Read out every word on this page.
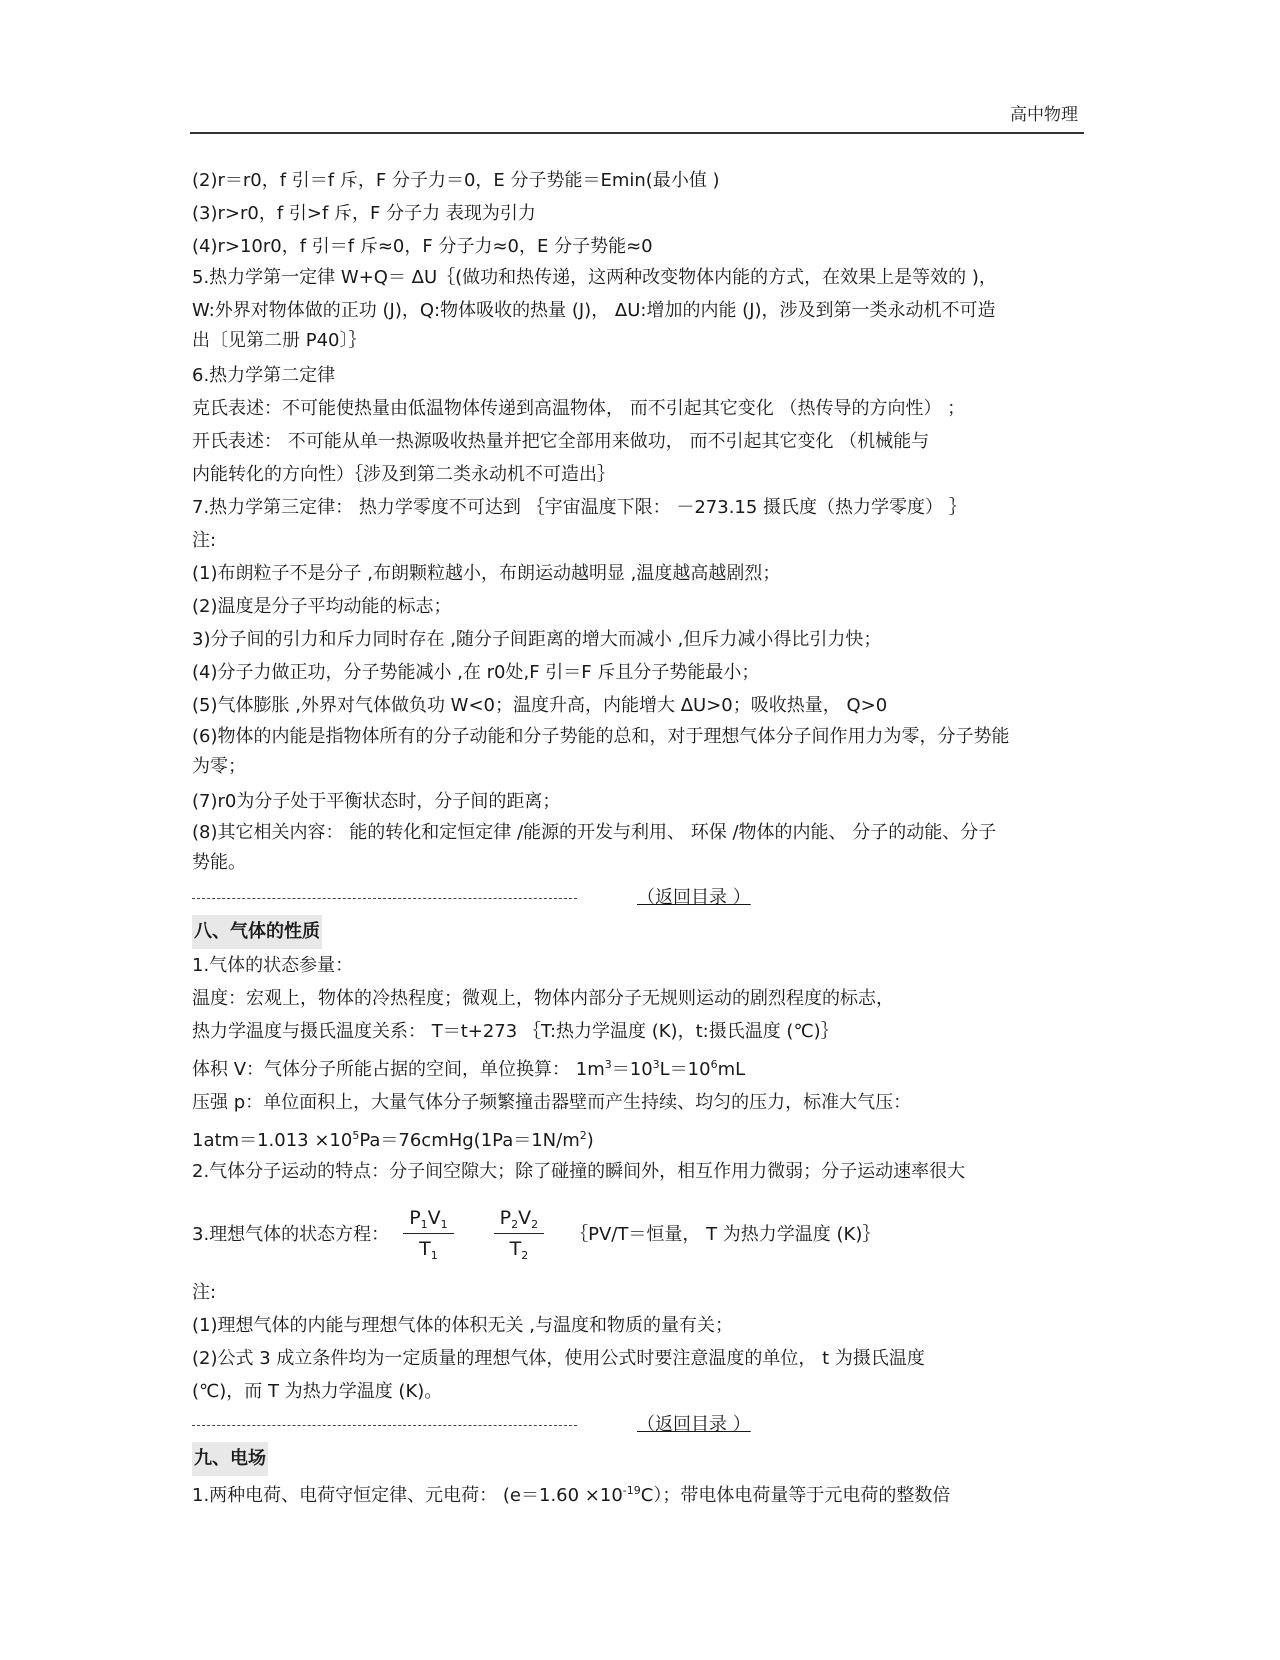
高中物理
(2)r＝r0，f 引＝f 斥，F 分子力＝0，E 分子势能＝Emin(最小值 )
(3)r>r0，f 引>f 斥，F 分子力 表现为引力
(4)r>10r0，f 引＝f 斥≈0，F 分子力≈0，E 分子势能≈0
5.热力学第一定律 W+Q＝ ΔU｛(做功和热传递，这两种改变物体内能的方式，在效果上是等效的 )，
W:外界对物体做的正功 (J)，Q:物体吸收的热量 (J)， ΔU:增加的内能 (J)，涉及到第一类永动机不可造出〔见第二册 P40〕｝
6.热力学第二定律
克氏表述：不可能使热量由低温物体传递到高温物体， 而不引起其它变化 （热传导的方向性） ；
开氏表述： 不可能从单一热源吸收热量并把它全部用来做功， 而不引起其它变化 （机械能与
内能转化的方向性）｛涉及到第二类永动机不可造出｝
7.热力学第三定律： 热力学零度不可达到 ｛宇宙温度下限： －273.15 摄氏度（热力学零度） ｝
注:
(1)布朗粒子不是分子 ,布朗颗粒越小，布朗运动越明显 ,温度越高越剧烈；
(2)温度是分子平均动能的标志；
3)分子间的引力和斥力同时存在 ,随分子间距离的增大而减小 ,但斥力减小得比引力快；
(4)分子力做正功，分子势能减小 ,在 r0处,F 引＝F 斥且分子势能最小；
(5)气体膨胀 ,外界对气体做负功 W<0；温度升高，内能增大 ΔU>0；吸收热量， Q>0
(6)物体的内能是指物体所有的分子动能和分子势能的总和，对于理想气体分子间作用力为零，分子势能为零；
(7)r0为分子处于平衡状态时，分子间的距离；
(8)其它相关内容： 能的转化和定恒定律 /能源的开发与利用、 环保 /物体的内能、 分子的动能、分子势能。
（返回目录 ）
八、气体的性质
1.气体的状态参量：
温度：宏观上，物体的冷热程度；微观上，物体内部分子无规则运动的剧烈程度的标志，
热力学温度与摄氏温度关系： T＝t+273 ｛T:热力学温度 (K)，t:摄氏温度 (℃)｝
体积 V：气体分子所能占据的空间，单位换算： $1m^3=10^3L=10^6mL$
压强 p：单位面积上，大量气体分子频繁撞击器壁而产生持续、均匀的压力，标准大气压：
$1atm=1.013 \times 10^5Pa=76cmHg(1Pa=1N/m^2)$
2.气体分子运动的特点：分子间空隙大；除了碰撞的瞬间外，相互作用力微弱；分子运动速率很大
3.理想气体的状态方程： $\frac{P_1V_1}{T_1} \frac{P_2V_2}{T_2}$ ｛PV/T＝恒量， T 为热力学温度 (K)｝
注:
(1)理想气体的内能与理想气体的体积无关 ,与温度和物质的量有关；
(2)公式 3 成立条件均为一定质量的理想气体，使用公式时要注意温度的单位， t 为摄氏温度
(℃)，而 T 为热力学温度 (K)。
（返回目录 ）
九、电场
1.两种电荷、电荷守恒定律、元电荷： $(e=1.60 \times 10^{-19}C)$；带电体电荷量等于元电荷的整数倍
